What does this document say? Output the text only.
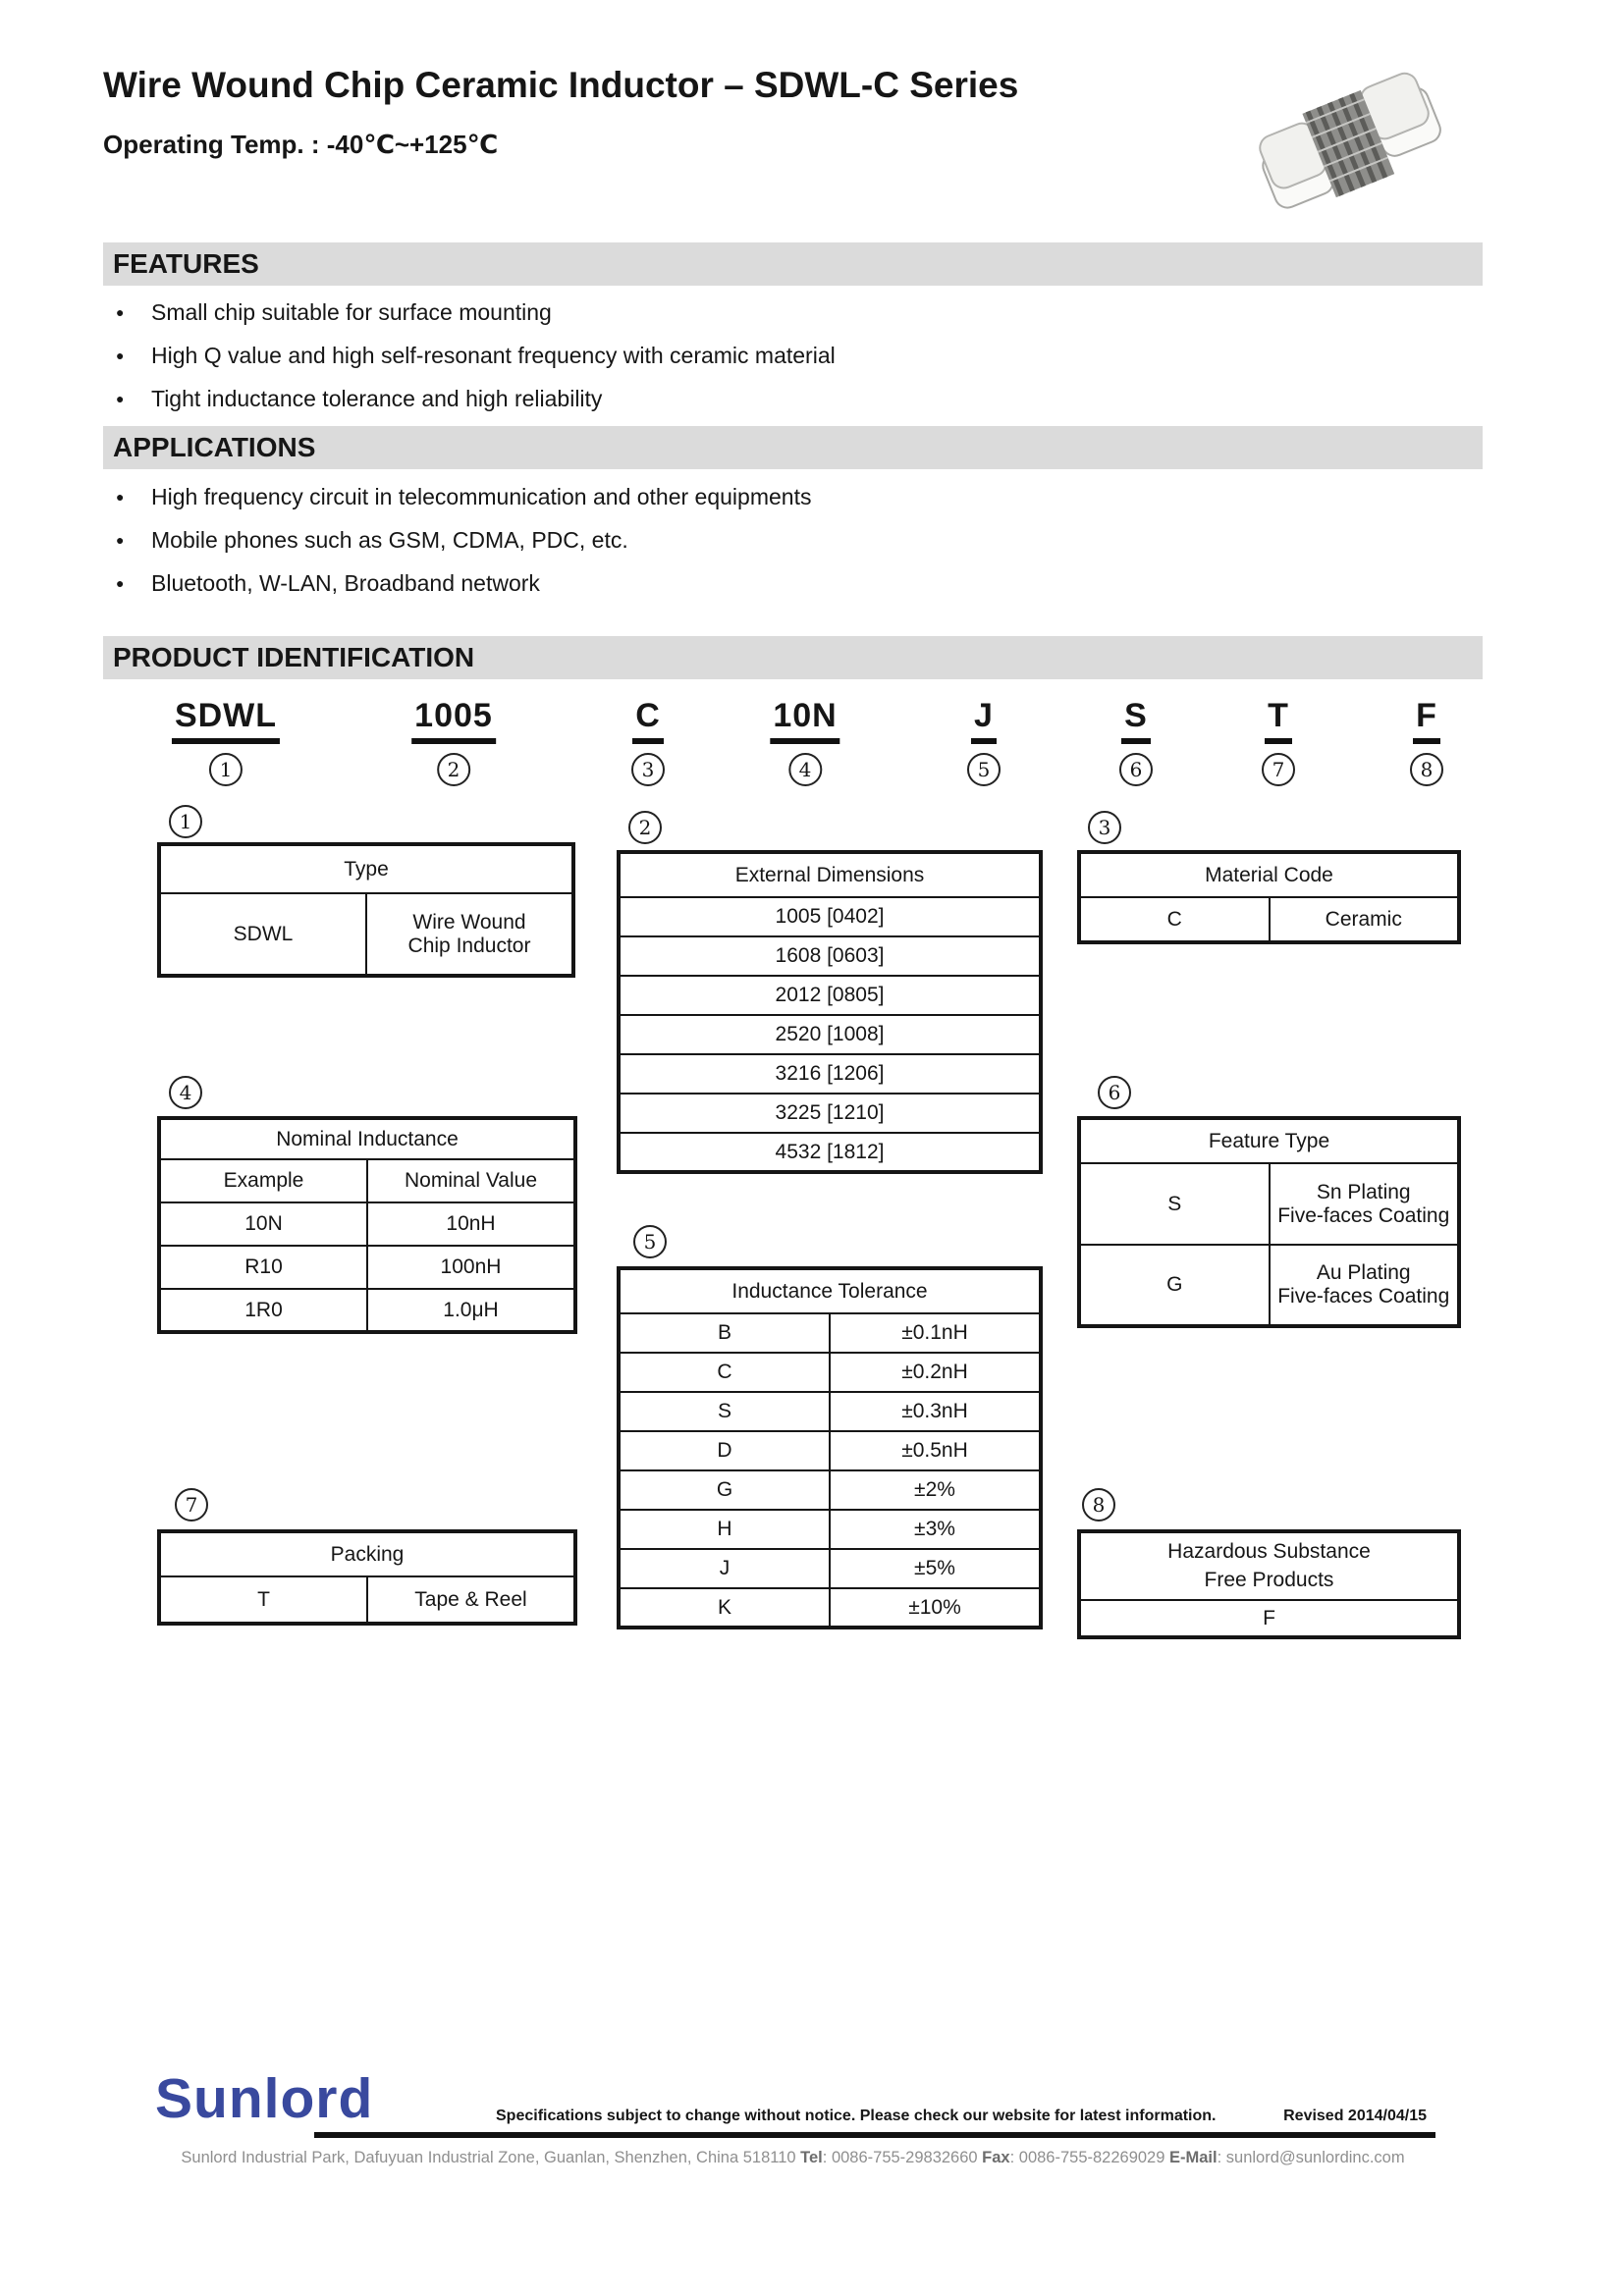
Wire Wound Chip Ceramic Inductor – SDWL-C Series
Operating Temp. : -40℃~+125℃
FEATURES
●	Small chip suitable for surface mounting
●	High Q value and high self-resonant frequency with ceramic material
●	Tight inductance tolerance and high reliability
APPLICATIONS
●	High frequency circuit in telecommunication and other equipments
●	Mobile phones such as GSM, CDMA, PDC, etc.
●	Bluetooth, W-LAN, Broadband network
PRODUCT IDENTIFICATION
SDWL
1
1005
2
C
3
10N
4
J
5
S
6
T
7
F
8
1	2	3
4
5
6
7	8
Type
SDWL	Wire Wound Chip Inductor
External Dimensions
1005 [0402]
1608 [0603]
2012 [0805]
2520 [1008]
3216 [1206]
3225 [1210]
4532 [1812]
Material Code
C	Ceramic
Nominal Inductance	
Example	Nominal Value
10N	10nH
R10	100nH
1R0	1.0μH
Inductance Tolerance	
B	±0.1nH
C	±0.2nH
S	±0.3nH
D	±0.5nH
G	±2%
H	±3%
J	±5%
K	±10%
Feature Type	
S	Sn Plating
Five-faces Coating

G	Au Plating
Five-faces Coating
Packing
T	Tape & Reel
Hazardous Substance
Free Products

F
Sunlord	Specifications subject to change without notice. Please check our website for latest information.	Revised 2014/04/15
Sunlord Industrial Park, Dafuyuan Industrial Zone, Guanlan, Shenzhen, China 518110 Tel: 0086-755-29832660 Fax: 0086-755-82269029 E-Mail: sunlord@sunlordinc.com
